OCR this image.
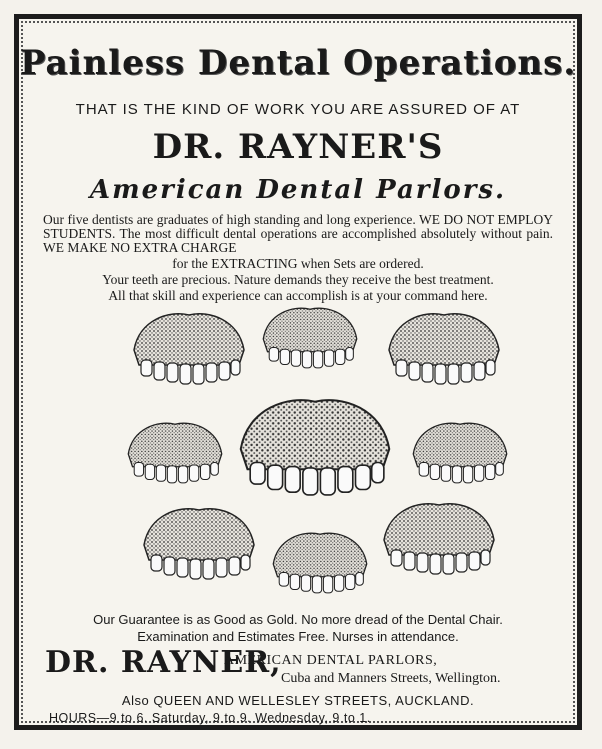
Painless Dental Operations.
THAT IS THE KIND OF WORK YOU ARE ASSURED OF AT
DR. RAYNER'S
American Dental Parlors.

Our five dentists are graduates of high standing and long experience. WE DO NOT EMPLOY STUDENTS. The most difficult dental operations are accomplished absolutely without pain. WE MAKE NO EXTRA CHARGE

for the EXTRACTING when Sets are ordered.

Your teeth are precious. Nature demands they receive the best treatment.

All that skill and experience can accomplish is at your command here.

Our Guarantee is as Good as Gold. No more dread of the Dental Chair.
Examination and Estimates Free. Nurses in attendance.
DR. RAYNER,
AMERICAN DENTAL PARLORS,
Cuba and Manners Streets, Wellington.
Also QUEEN AND WELLESLEY STREETS, AUCKLAND.
HOURS—9 to 6. Saturday, 9 to 9. Wednesday, 9 to 1.
